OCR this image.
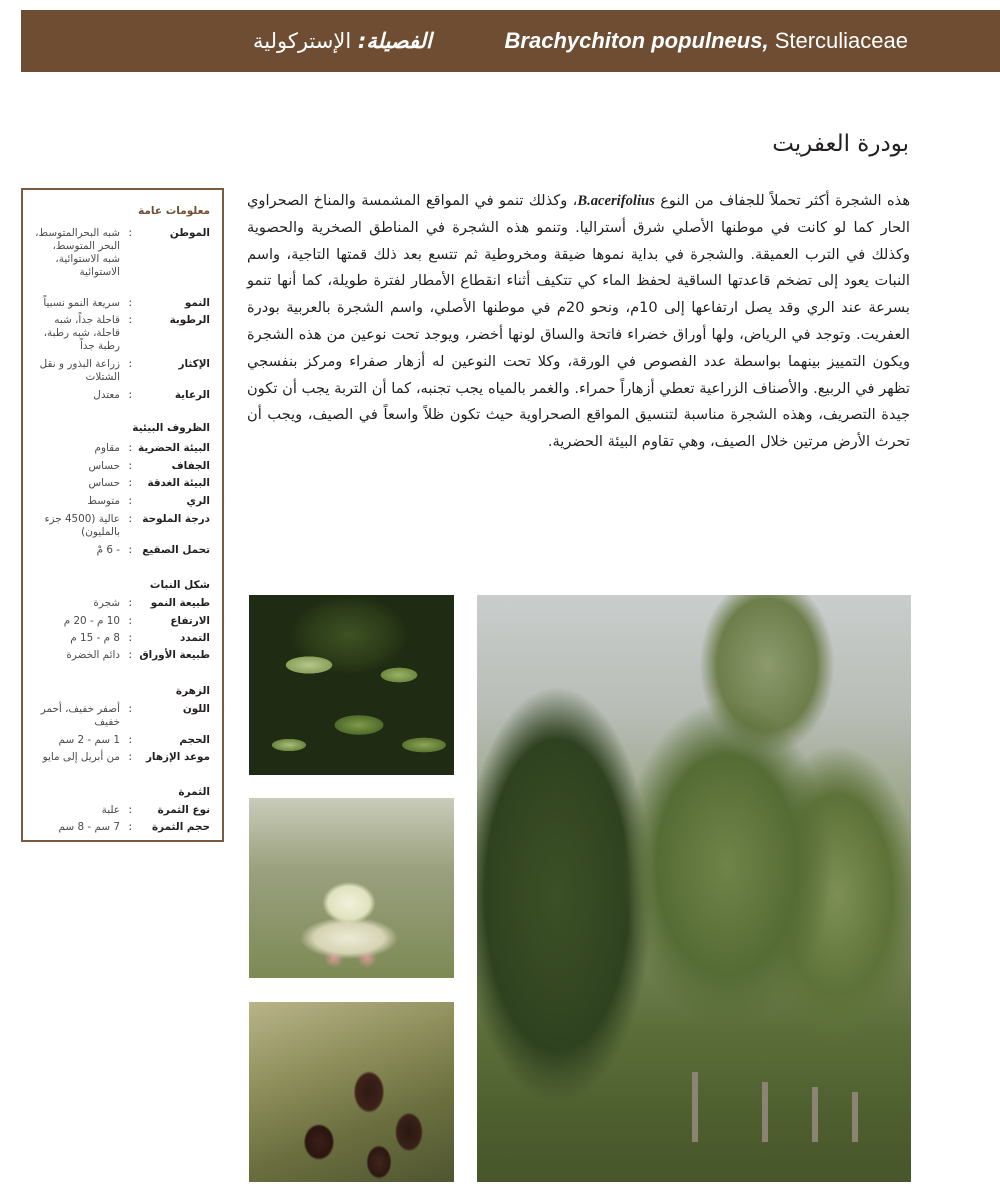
الفصيلة: الإستركولية	Brachychiton populneus, Sterculiaceae
بودرة العفريت

هذه الشجرة أكثر تحملاً للجفاف من النوع B.acerifolius، وكذلك تنمو في المواقع المشمسة والمناخ الصحراوي الحار كما لو كانت في موطنها الأصلي شرق أستراليا. وتنمو هذه الشجرة في المناطق الصخرية والحصوية وكذلك في الترب العميقة. والشجرة في بداية نموها ضيقة ومخروطية ثم تتسع بعد ذلك قمتها التاجية، واسم النبات يعود إلى تضخم قاعدتها الساقية لحفظ الماء كي تتكيف أثناء انقطاع الأمطار لفترة طويلة، كما أنها تنمو بسرعة عند الري وقد يصل ارتفاعها إلى 10م، ونحو 20م في موطنها الأصلي، واسم الشجرة بالعربية بودرة العفريت. وتوجد في الرياض، ولها أوراق خضراء فاتحة والساق لونها أخضر، ويوجد تحت نوعين من هذه الشجرة ويكون التمييز بينهما بواسطة عدد الفصوص في الورقة، وكلا تحت النوعين له أزهار صفراء ومركز بنفسجي تظهر في الربيع. والأصناف الزراعية تعطي أزهاراً حمراء. والغمر بالمياه يجب تجنبه، كما أن التربة يجب أن تكون جيدة التصريف، وهذه الشجرة مناسبة لتنسيق المواقع الصحراوية حيث تكون ظلاً واسعاً في الصيف، ويجب أن تحرث الأرض مرتين خلال الصيف، وهي تقاوم البيئة الحضرية.

معلومات عامة
الموطن
:
شبه البحرالمتوسط، البحر المتوسط، شبه الاستوائية، الاستوائية
النمو
:
سريعة النمو نسبياً
الرطوبة
:
قاحلة جداً، شبه قاحلة، شبه رطبة، رطبة جداً
الإكثار
:
زراعة البذور و نقل الشتلات
الرعاية
:
معتدل
الظروف البيئية
البيئة الحضرية
:
مقاوم
الجفاف
:
حساس
البيئة الغدقة
:
حساس
الري
:
متوسط
درجة الملوحة
:
عالية (4500 جزء بالمليون)
تحمل الصقيع
:
- 6 مْ
شكل النبات
طبيعة النمو
:
شجرة
الارتفاع
:
10 م - 20 م
التمدد
:
8 م - 15 م
طبيعة الأوراق
:
دائم الخضرة
الزهرة
اللون
:
أصفر خفيف، أحمر خفيف
الحجم
:
1 سم - 2 سم
موعد الإزهار
:
من أبريل إلى مايو
الثمرة
نوع الثمرة
:
علبة
حجم الثمرة
:
7 سم - 8 سم
